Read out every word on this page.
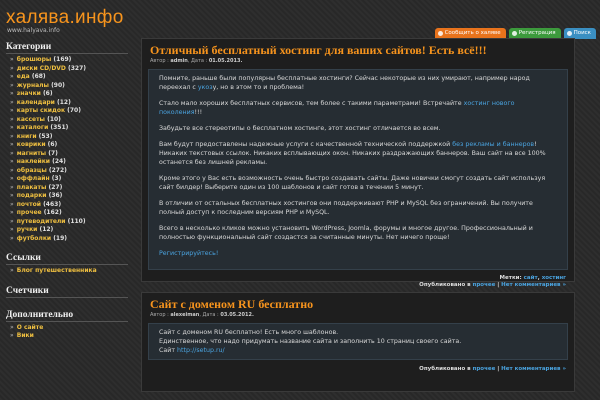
халява.инфо
www.halyava.info	Сообщить о халяве	Регистрация	Поиск
Категории
» брошюры (169)
» диски CD/DVD (327)
» еда (68)
» журналы (90)
» значки (6)
» календари (12)
» карты скидок (70)
» кассеты (10)
» каталоги (351)
» книги (53)
» коврики (6)
» магниты (7)
» наклейки (24)
» образцы (272)
» оффлайн (3)
» плакаты (27)
» подарки (36)
» почтой (463)
» прочее (162)
» путеводители (110)
» ручки (12)
» футболки (19)
Ссылки
» Блог путешественника
Счетчики
Дополнительно
» О сайте
» Вики
Отличный бесплатный хостинг для ваших сайтов! Есть всё!!!
Автор : admin, Дата : 01.05.2013.

Помните, раньше были популярны бесплатные хостинги? Сейчас некоторые из них умирают, например народ переехал с укозу, но в этом то и проблема!

Стало мало хороших бесплатных сервисов, тем более с такими параметрами! Встречайте хостинг нового поколения!!!

Забудьте все стереотипы о бесплатном хостинге, этот хостинг отличается во всем.

Вам будут предоставлены надежные услуги с качественной технической поддержкой без рекламы и баннеров! Никаких текстовых ссылок. Никаких всплывающих окон. Никаких раздражающих баннеров. Ваш сайт на все 100% останется без лишней рекламы.

Кроме этого у Вас есть возможность очень быстро создавать сайты. Даже новички смогут создать сайт используя сайт билдер! Выберите один из 100 шаблонов и сайт готов в течении 5 минут.

В отличии от остальных бесплатных хостингов они поддерживают PHP и MySQL без ограничений. Вы получите полный доступ к последним версиям PHP и MySQL.

Всего в несколько кликов можно установить WordPress, Joomla, форумы и многое другое. Профессиональный и полностью функциональный сайт создастся за считанные минуты. Нет ничего проще!

Регистрируйтесь!

Метки: сайт, хостинг
Опубликовано в прочее | Нет комментариев »
Сайт с доменом RU бесплатно
Автор : alexeiman, Дата : 03.05.2012.

Сайт с доменом RU бесплатно! Есть много шаблонов.

Единственное, что надо придумать название сайта и заполнить 10 страниц своего сайта.

Сайт http://setup.ru/

Опубликовано в прочее | Нет комментариев »
